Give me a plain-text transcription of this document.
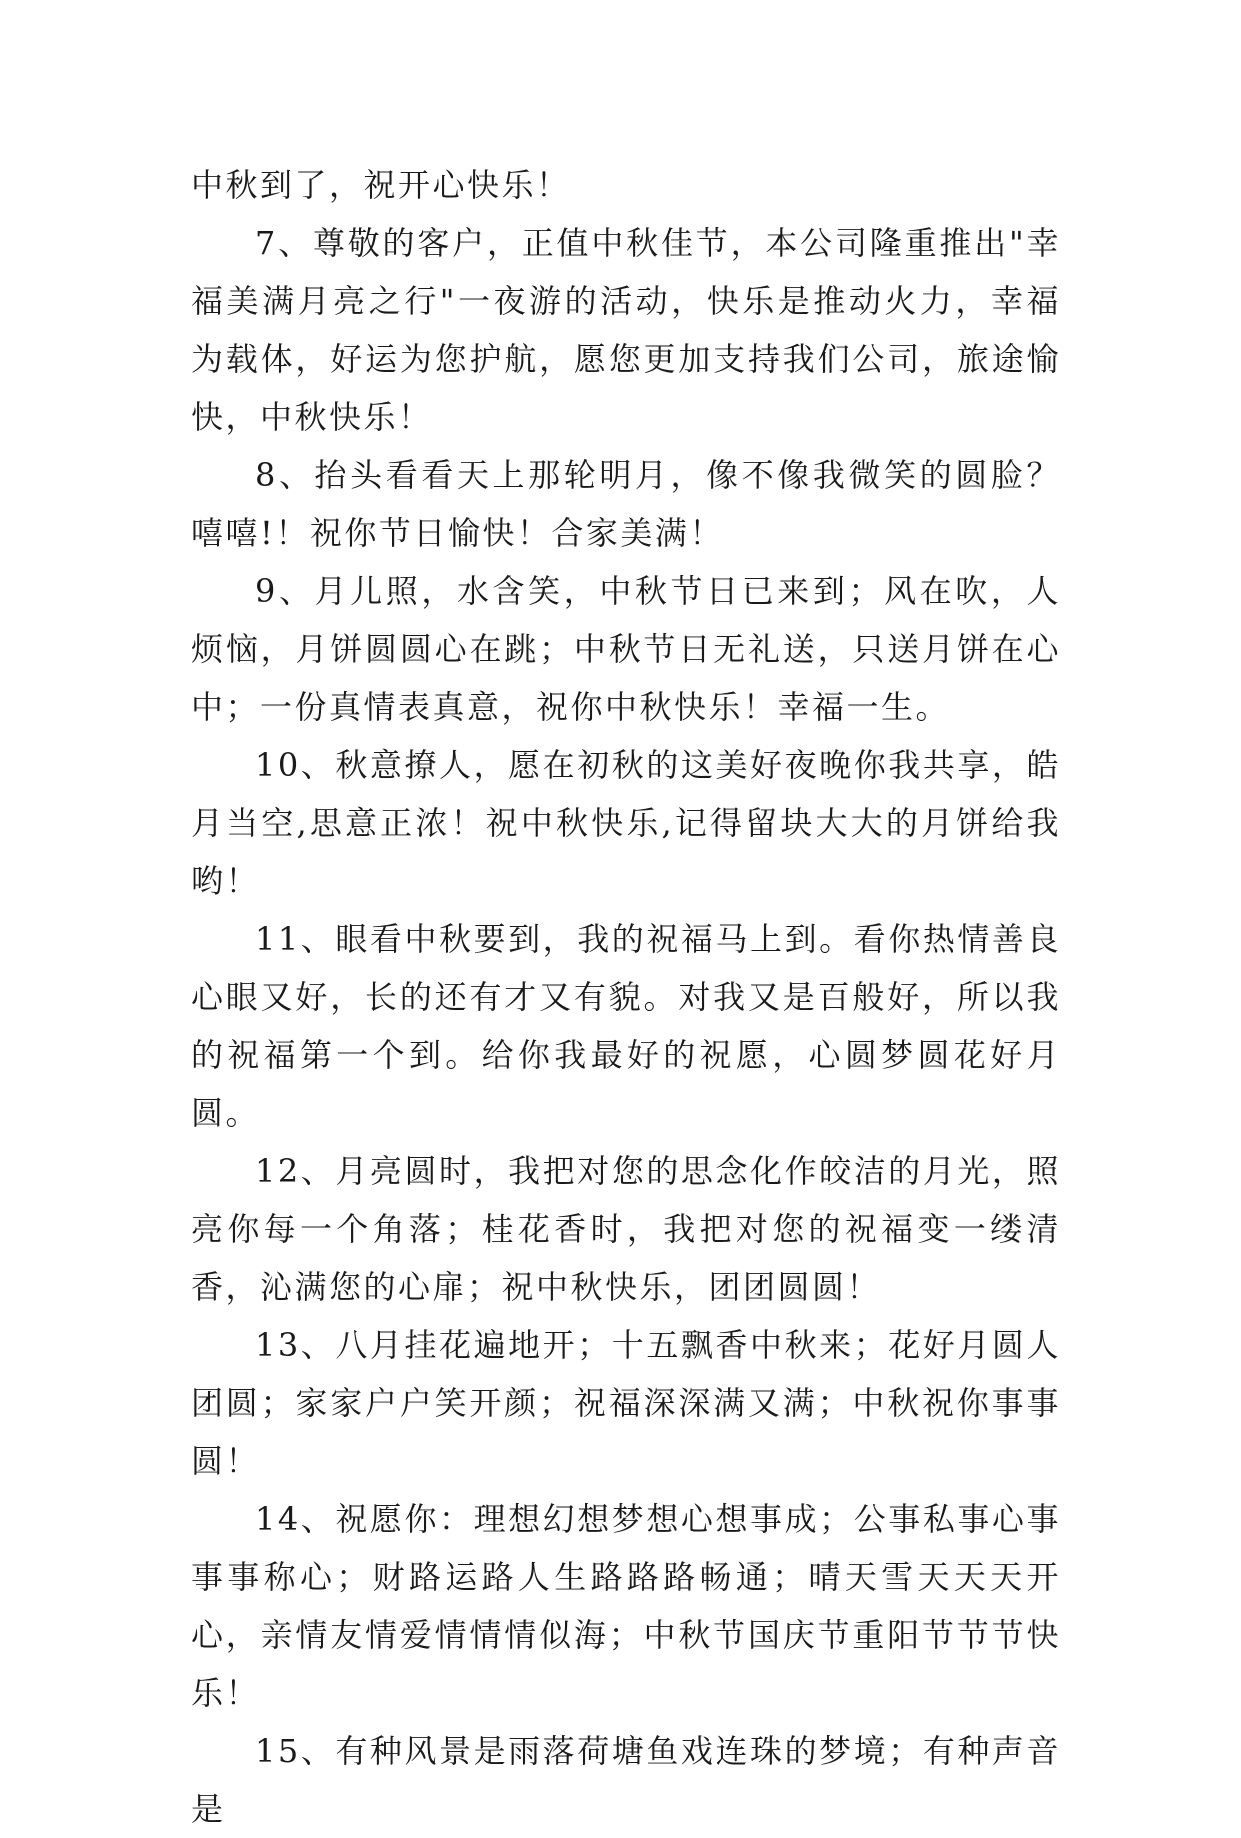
中秋到了，祝开心快乐！

7、尊敬的客户，正值中秋佳节，本公司隆重推出"幸福美满月亮之行"一夜游的活动，快乐是推动火力，幸福为载体，好运为您护航，愿您更加支持我们公司，旅途愉快，中秋快乐！

8、抬头看看天上那轮明月，像不像我微笑的圆脸？嘻嘻!！祝你节日愉快！合家美满！

9、月儿照，水含笑，中秋节日已来到；风在吹，人烦恼，月饼圆圆心在跳；中秋节日无礼送，只送月饼在心中；一份真情表真意，祝你中秋快乐！幸福一生。

10、秋意撩人，愿在初秋的这美好夜晚你我共享，皓月当空,思意正浓！祝中秋快乐,记得留块大大的月饼给我哟！

11、眼看中秋要到，我的祝福马上到。看你热情善良心眼又好，长的还有才又有貌。对我又是百般好，所以我的祝福第一个到。给你我最好的祝愿，心圆梦圆花好月圆。

12、月亮圆时，我把对您的思念化作皎洁的月光，照亮你每一个角落；桂花香时，我把对您的祝福变一缕清香，沁满您的心扉；祝中秋快乐，团团圆圆！

13、八月挂花遍地开；十五飘香中秋来；花好月圆人团圆；家家户户笑开颜；祝福深深满又满；中秋祝你事事圆！

14、祝愿你：理想幻想梦想心想事成；公事私事心事事事称心；财路运路人生路路路畅通；晴天雪天天天开心，亲情友情爱情情情似海；中秋节国庆节重阳节节节快乐！

15、有种风景是雨落荷塘鱼戏连珠的梦境；有种声音是
